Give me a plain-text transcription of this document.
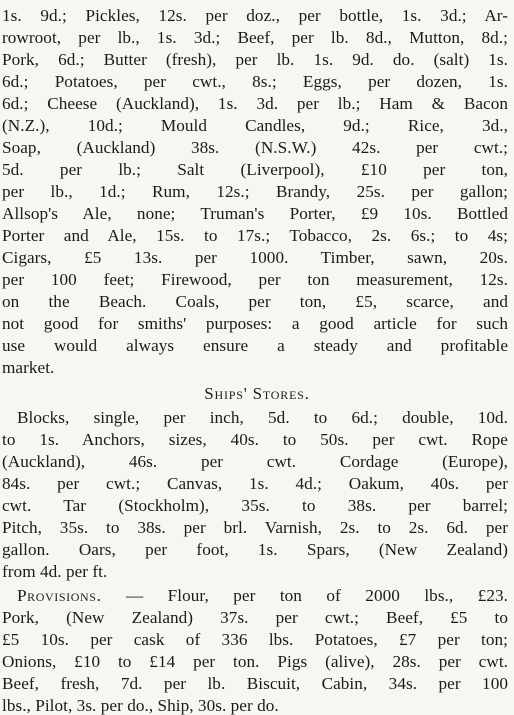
1s. 9d.; Pickles, 12s. per doz., per bottle, 1s. 3d.; Ar-
rowroot, per lb., 1s. 3d.; Beef, per lb. 8d., Mutton, 8d.;
Pork, 6d.; Butter (fresh), per lb. 1s. 9d. do. (salt) 1s.
6d.; Potatoes, per cwt., 8s.; Eggs, per dozen, 1s.
6d.; Cheese (Auckland), 1s. 3d. per lb.; Ham & Bacon
(N.Z.), 10d.; Mould Candles, 9d.; Rice, 3d.,
Soap, (Auckland) 38s. (N.S.W.) 42s. per cwt.;
5d. per lb.; Salt (Liverpool), £10 per ton,
per lb., 1d.; Rum, 12s.; Brandy, 25s. per gallon;
Allsop's Ale, none; Truman's Porter, £9 10s. Bottled
Porter and Ale, 15s. to 17s.; Tobacco, 2s. 6s.; to 4s;
Cigars, £5 13s. per 1000. Timber, sawn, 20s.
per 100 feet; Firewood, per ton measurement, 12s.
on the Beach. Coals, per ton, £5, scarce, and
not good for smiths' purposes: a good article for such
use would always ensure a steady and profitable
market.
Ships' Stores.
Blocks, single, per inch, 5d. to 6d.; double, 10d.
to 1s. Anchors, sizes, 40s. to 50s. per cwt. Rope
(Auckland), 46s. per cwt. Cordage (Europe),
84s. per cwt.; Canvas, 1s. 4d.; Oakum, 40s. per
cwt. Tar (Stockholm), 35s. to 38s. per barrel;
Pitch, 35s. to 38s. per brl. Varnish, 2s. to 2s. 6d. per
gallon. Oars, per foot, 1s. Spars, (New Zealand)
from 4d. per ft.
Provisions. — Flour, per ton of 2000 lbs., £23.
Pork, (New Zealand) 37s. per cwt.; Beef, £5 to
£5 10s. per cask of 336 lbs. Potatoes, £7 per ton;
Onions, £10 to £14 per ton. Pigs (alive), 28s. per cwt.
Beef, fresh, 7d. per lb. Biscuit, Cabin, 34s. per 100
lbs., Pilot, 3s. per do., Ship, 30s. per do.
